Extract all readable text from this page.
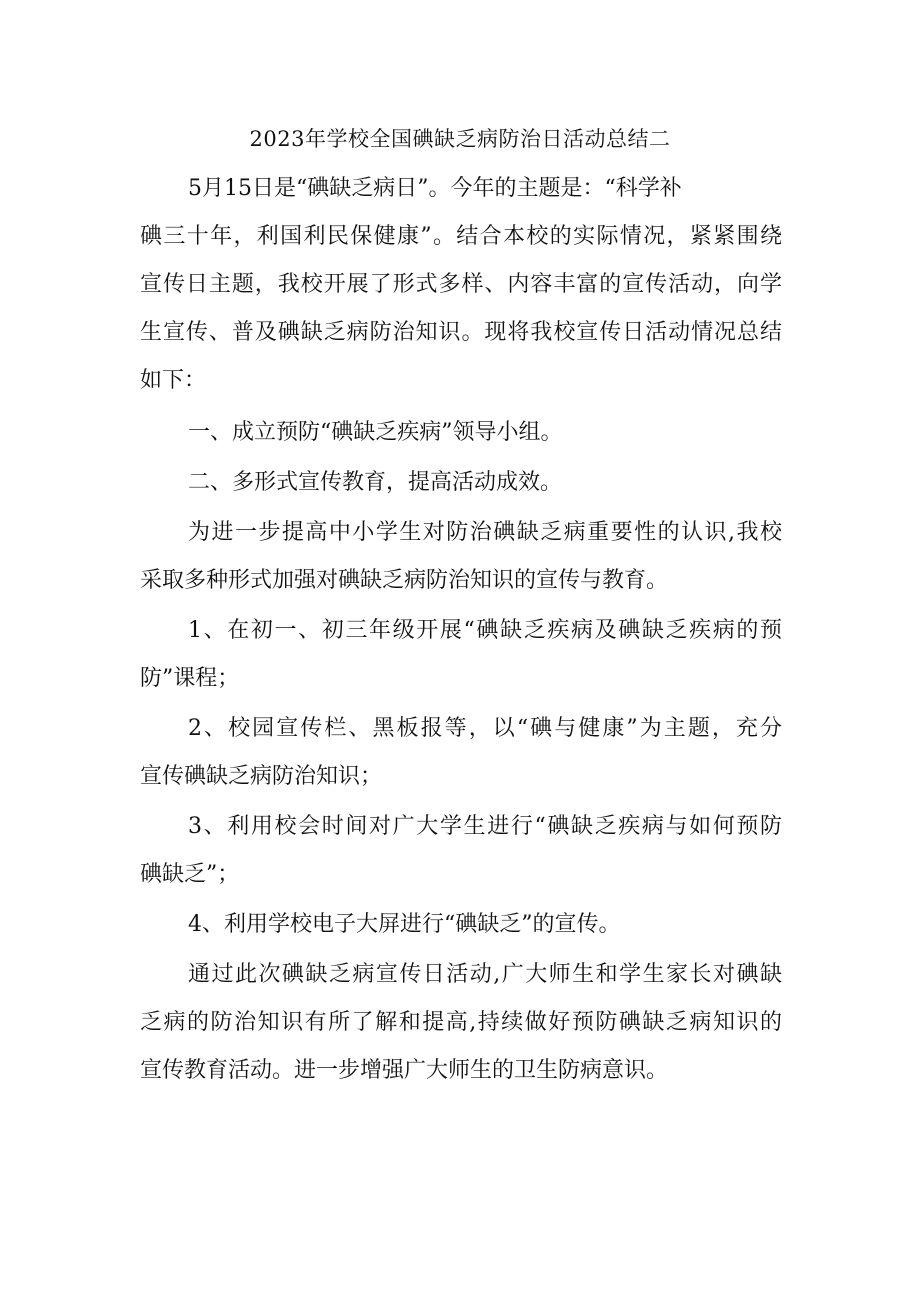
2023年学校全国碘缺乏病防治日活动总结二
5月15日是“碘缺乏病日”。今年的主题是：“科学补
碘三十年，利国利民保健康”。结合本校的实际情况，紧紧围绕
宣传日主题，我校开展了形式多样、内容丰富的宣传活动，向学
生宣传、普及碘缺乏病防治知识。现将我校宣传日活动情况总结
如下：
一、成立预防“碘缺乏疾病”领导小组。
二、多形式宣传教育，提高活动成效。
为进一步提高中小学生对防治碘缺乏病重要性的认识,我校
采取多种形式加强对碘缺乏病防治知识的宣传与教育。
1、在初一、初三年级开展“碘缺乏疾病及碘缺乏疾病的预
防”课程；
2、校园宣传栏、黑板报等，以“碘与健康”为主题，充分
宣传碘缺乏病防治知识；
3、利用校会时间对广大学生进行“碘缺乏疾病与如何预防
碘缺乏”；
4、利用学校电子大屏进行“碘缺乏”的宣传。
通过此次碘缺乏病宣传日活动,广大师生和学生家长对碘缺
乏病的防治知识有所了解和提高,持续做好预防碘缺乏病知识的
宣传教育活动。进一步增强广大师生的卫生防病意识。
